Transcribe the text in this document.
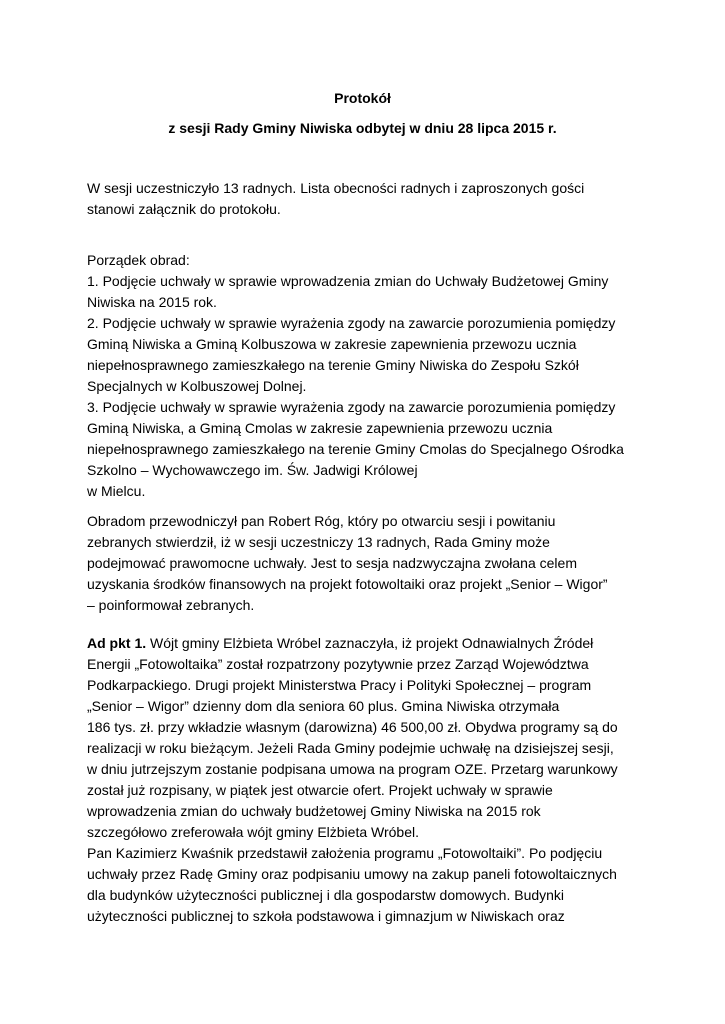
Protokół
z sesji Rady Gminy Niwiska odbytej w dniu 28 lipca 2015 r.

W sesji uczestniczyło 13 radnych. Lista obecności radnych i zaproszonych gości

stanowi załącznik do protokołu.

Porządek obrad:

1. Podjęcie uchwały w sprawie wprowadzenia zmian do Uchwały Budżetowej Gminy

Niwiska na 2015 rok.

2. Podjęcie uchwały w sprawie wyrażenia zgody na zawarcie porozumienia pomiędzy

Gminą Niwiska a Gminą Kolbuszowa w zakresie zapewnienia przewozu ucznia

niepełnosprawnego zamieszkałego na terenie Gminy Niwiska do Zespołu Szkół

Specjalnych w Kolbuszowej Dolnej.

3. Podjęcie uchwały w sprawie wyrażenia zgody na zawarcie porozumienia pomiędzy

Gminą Niwiska, a Gminą Cmolas w zakresie zapewnienia przewozu ucznia

niepełnosprawnego zamieszkałego na terenie Gminy Cmolas do Specjalnego Ośrodka

Szkolno – Wychowawczego im. Św. Jadwigi Królowej

w Mielcu.

Obradom przewodniczył pan Robert Róg, który po otwarciu sesji i powitaniu

zebranych stwierdził, iż w sesji uczestniczy 13 radnych, Rada Gminy może

podejmować prawomocne uchwały. Jest to sesja nadzwyczajna zwołana celem

uzyskania środków finansowych na projekt fotowoltaiki oraz projekt „Senior – Wigor”

– poinformował zebranych.

Ad pkt 1. Wójt gminy Elżbieta Wróbel zaznaczyła, iż projekt Odnawialnych Źródeł

Energii „Fotowoltaika” został rozpatrzony pozytywnie przez Zarząd Województwa

Podkarpackiego. Drugi projekt Ministerstwa Pracy i Polityki Społecznej – program

„Senior – Wigor” dzienny dom dla seniora 60 plus. Gmina Niwiska otrzymała

186 tys. zł. przy wkładzie własnym (darowizna) 46 500,00 zł. Obydwa programy są do

realizacji w roku bieżącym. Jeżeli Rada Gminy podejmie uchwałę na dzisiejszej sesji,

w dniu jutrzejszym zostanie podpisana umowa na program OZE. Przetarg warunkowy

został już rozpisany, w piątek jest otwarcie ofert. Projekt uchwały w sprawie

wprowadzenia zmian do uchwały budżetowej Gminy Niwiska na 2015 rok

szczegółowo zreferowała wójt gminy Elżbieta Wróbel.

Pan Kazimierz Kwaśnik przedstawił założenia programu „Fotowoltaiki”. Po podjęciu

uchwały przez Radę Gminy oraz podpisaniu umowy na zakup paneli fotowoltaicznych

dla budynków użyteczności publicznej i dla gospodarstw domowych. Budynki

użyteczności publicznej to szkoła podstawowa i gimnazjum w Niwiskach oraz
